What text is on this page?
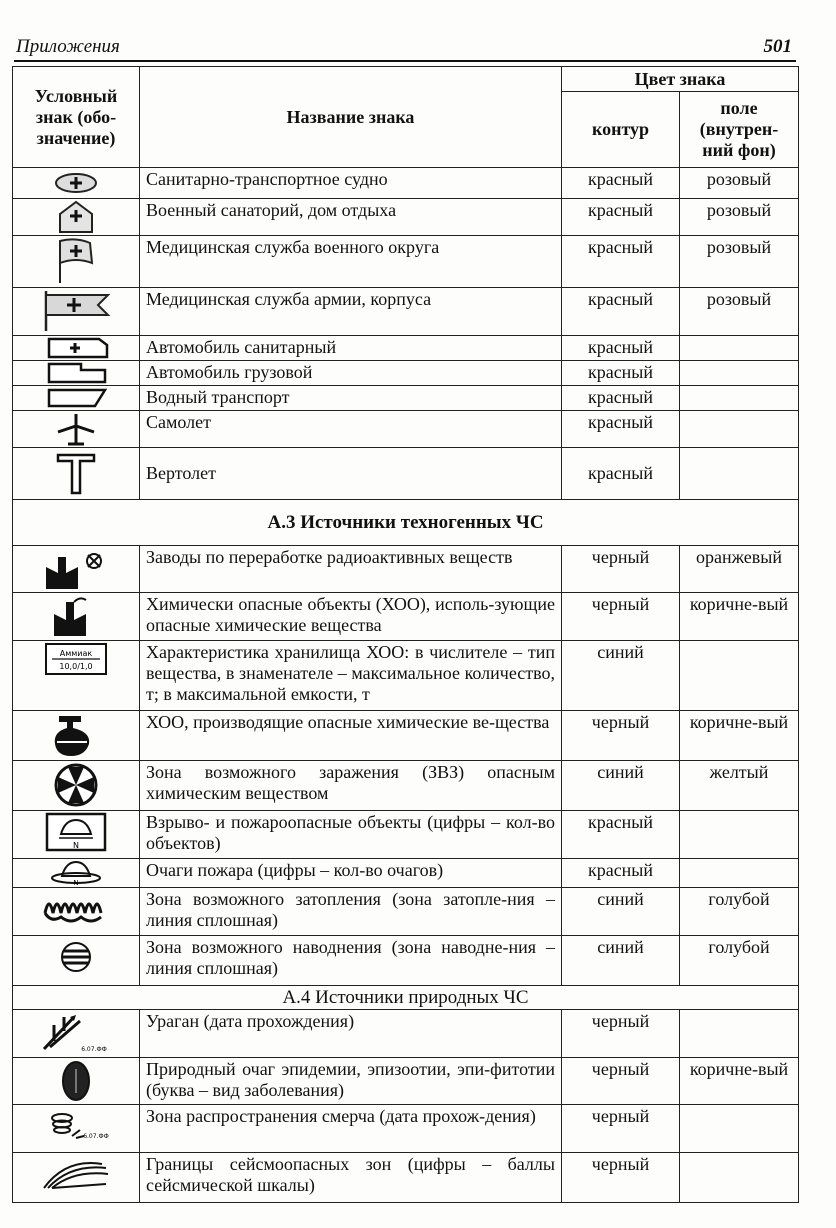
Приложения	501
Условный знак (обо-значение)	Название знака	Цвет знака	
		контур	поле (внутрен-ний фон)

	Санитарно-транспортное судно	красный	розовый

	Военный санаторий, дом отдыха	красный	розовый

	Медицинская служба военного округа	красный	розовый

	Медицинская служба армии, корпуса	красный	розовый

	Автомобиль санитарный	красный	

	Автомобиль грузовой	красный	

	Водный транспорт	красный	

	Самолет	красный	

	Вертолет	красный	
А.3 Источники техногенных ЧС			

	Заводы по переработке радиоактивных веществ	черный	оранжевый

	Химически опасные объекты (ХОО), исполь-зующие опасные химические вещества	черный	коричне-вый

Аммиак
10,0/1,0	Характеристика хранилища ХОО: в числителе – тип вещества, в знаменателе – максимальное количество, т; в максимальной емкости, т	синий	

	ХОО, производящие опасные химические ве-щества	черный	коричне-вый

	Зона возможного заражения (ЗВЗ) опасным химическим веществом	синий	желтый

N	Взрыво- и пожароопасные объекты (цифры – кол-во объектов)	красный	

N	Очаги пожара (цифры – кол-во очагов)	красный	

	Зона возможного затопления (зона затопле-ния – линия сплошная)	синий	голубой

	Зона возможного наводнения (зона наводне-ния – линия сплошная)	синий	голубой
А.4 Источники природных ЧС			

6.07.ФФ	Ураган (дата прохождения)	черный	

	Природный очаг эпидемии, эпизоотии, эпи-фитотии (буква – вид заболевания)	черный	коричне-вый

6.07.ФФ	Зона распространения смерча (дата прохож-дения)	черный	

	Границы сейсмоопасных зон (цифры – баллы сейсмической шкалы)	черный	
